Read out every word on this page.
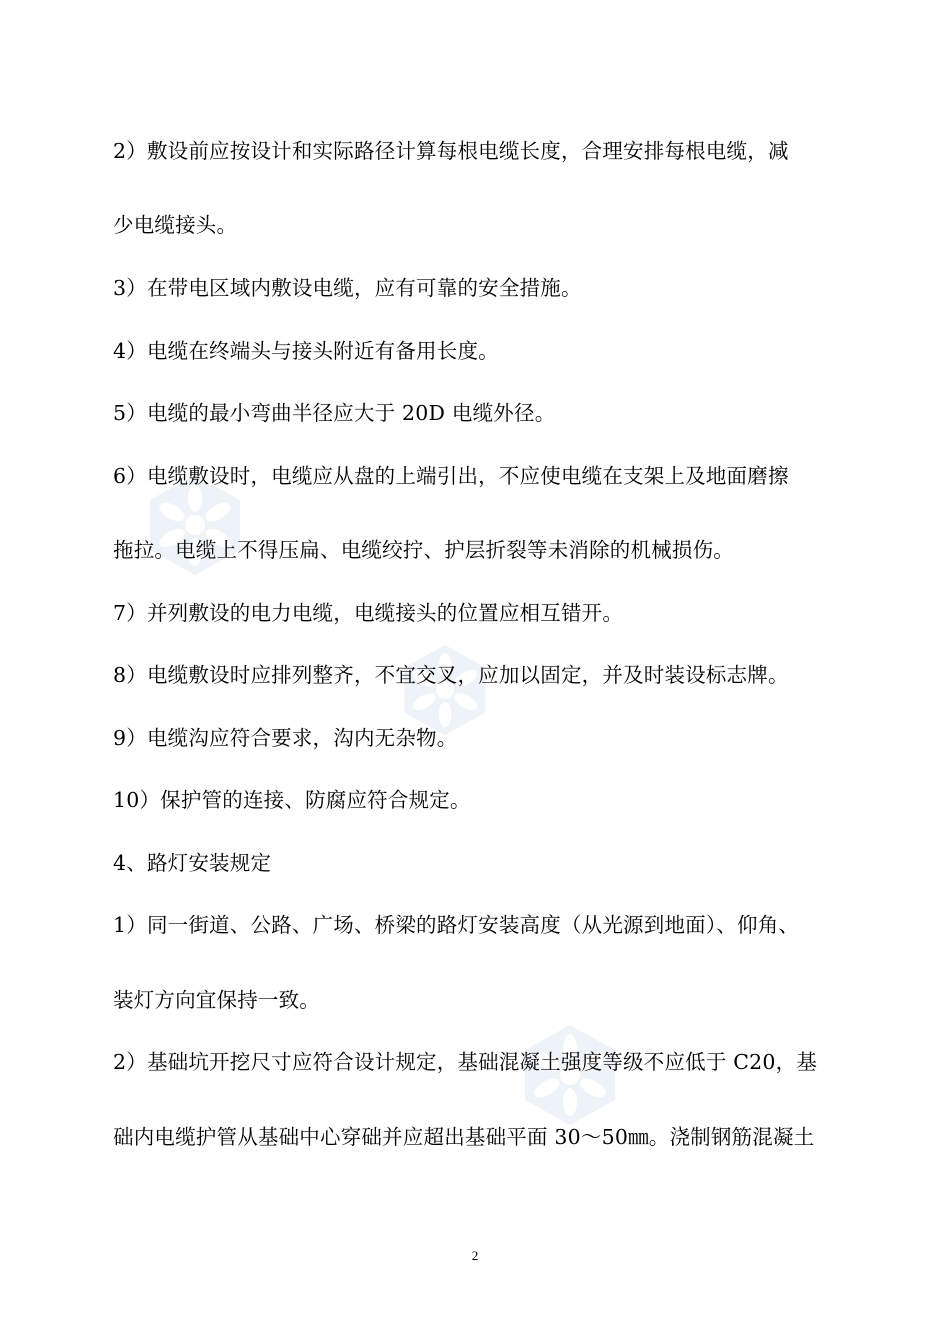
2）敷设前应按设计和实际路径计算每根电缆长度，合理安排每根电缆，减
少电缆接头。
3）在带电区域内敷设电缆，应有可靠的安全措施。
4）电缆在终端头与接头附近有备用长度。
5）电缆的最小弯曲半径应大于 20D 电缆外径。
6）电缆敷设时，电缆应从盘的上端引出，不应使电缆在支架上及地面磨擦
拖拉。电缆上不得压扁、电缆绞拧、护层折裂等未消除的机械损伤。
7）并列敷设的电力电缆，电缆接头的位置应相互错开。
8）电缆敷设时应排列整齐，不宜交叉，应加以固定，并及时装设标志牌。
9）电缆沟应符合要求，沟内无杂物。
10）保护管的连接、防腐应符合规定。
4、路灯安装规定
1）同一街道、公路、广场、桥梁的路灯安装高度（从光源到地面）、仰角、
装灯方向宜保持一致。
2）基础坑开挖尺寸应符合设计规定，基础混凝土强度等级不应低于 C20，基
础内电缆护管从基础中心穿础并应超出基础平面 30～50㎜。浇制钢筋混凝土
2
